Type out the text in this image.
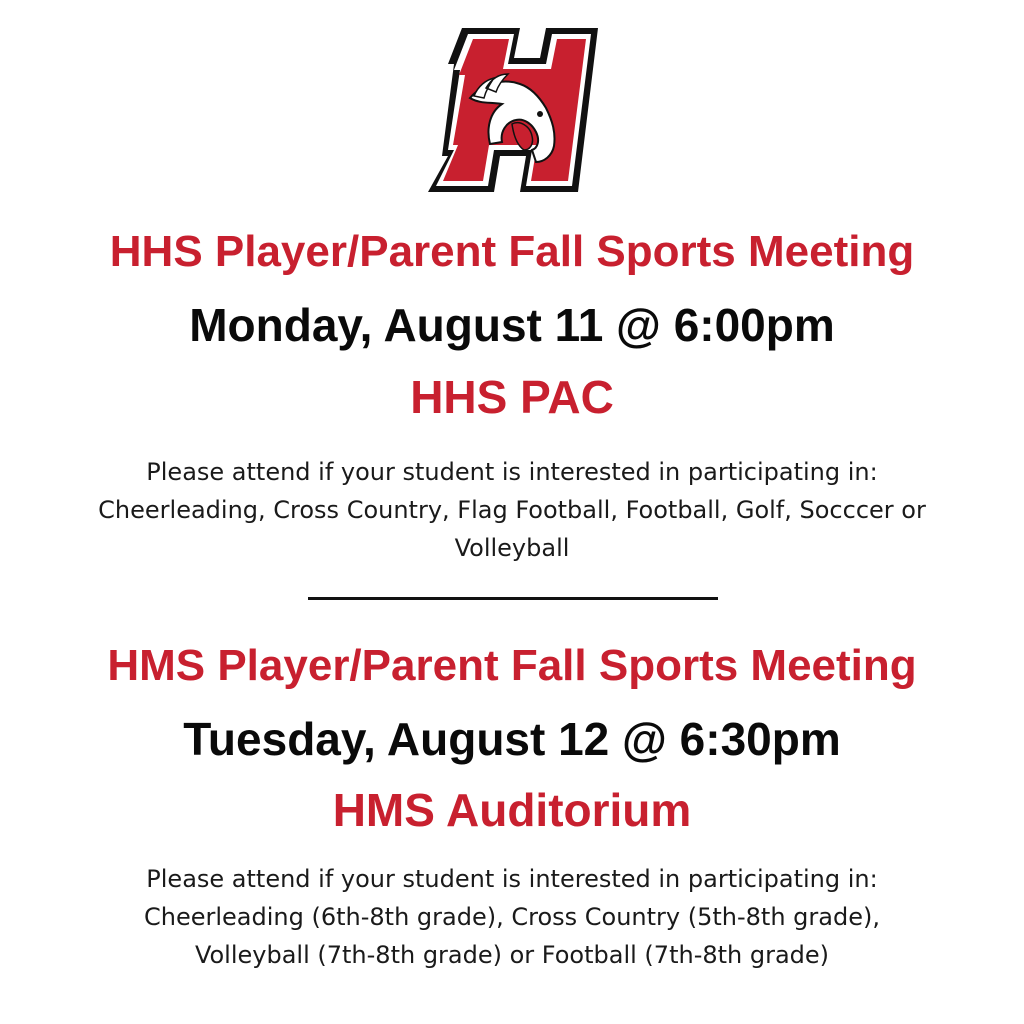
HHS Player/Parent Fall Sports Meeting
Monday, August 11 @ 6:00pm
HHS PAC
Please attend if your student is interested in participating in:
Cheerleading, Cross Country, Flag Football, Football, Golf, Socccer or
Volleyball
HMS Player/Parent Fall Sports Meeting
Tuesday, August 12 @ 6:30pm
HMS Auditorium
Please attend if your student is interested in participating in:
Cheerleading (6th-8th grade), Cross Country (5th-8th grade),
Volleyball (7th-8th grade) or Football (7th-8th grade)
